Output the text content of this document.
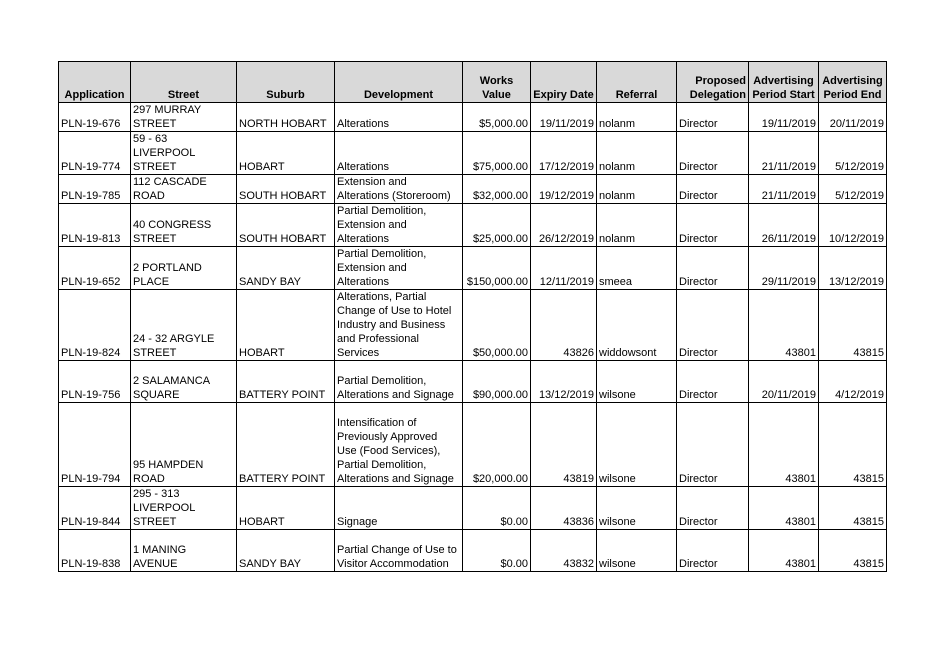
Application	Street	Suburb	Development	Works
Value	Expiry Date	Referral	Proposed
Delegation	Advertising
Period Start	Advertising
Period End
PLN-19-676	297 MURRAY
STREET	NORTH HOBART	Alterations	$5,000.00	19/11/2019	nolanm	Director	19/11/2019	20/11/2019
PLN-19-774	59 - 63
LIVERPOOL
STREET	HOBART	Alterations	$75,000.00	17/12/2019	nolanm	Director	21/11/2019	5/12/2019
PLN-19-785	112 CASCADE
ROAD	SOUTH HOBART	Extension and
Alterations (Storeroom)	$32,000.00	19/12/2019	nolanm	Director	21/11/2019	5/12/2019
PLN-19-813	40 CONGRESS
STREET	SOUTH HOBART	Partial Demolition,
Extension and
Alterations	$25,000.00	26/12/2019	nolanm	Director	26/11/2019	10/12/2019
PLN-19-652	2 PORTLAND
PLACE	SANDY BAY	Partial Demolition,
Extension and
Alterations	$150,000.00	12/11/2019	smeea	Director	29/11/2019	13/12/2019
PLN-19-824	24 - 32 ARGYLE
STREET	HOBART	Alterations, Partial
Change of Use to Hotel
Industry and Business
and Professional
Services	$50,000.00	43826	widdowsont	Director	43801	43815
PLN-19-756	2 SALAMANCA
SQUARE	BATTERY POINT	Partial Demolition,
Alterations and Signage	$90,000.00	13/12/2019	wilsone	Director	20/11/2019	4/12/2019
PLN-19-794	95 HAMPDEN
ROAD	BATTERY POINT	Intensification of
Previously Approved
Use (Food Services),
Partial Demolition,
Alterations and Signage	$20,000.00	43819	wilsone	Director	43801	43815
PLN-19-844	295 - 313
LIVERPOOL
STREET	HOBART	Signage	$0.00	43836	wilsone	Director	43801	43815
PLN-19-838	1 MANING
AVENUE	SANDY BAY	Partial Change of Use to
Visitor Accommodation	$0.00	43832	wilsone	Director	43801	43815
